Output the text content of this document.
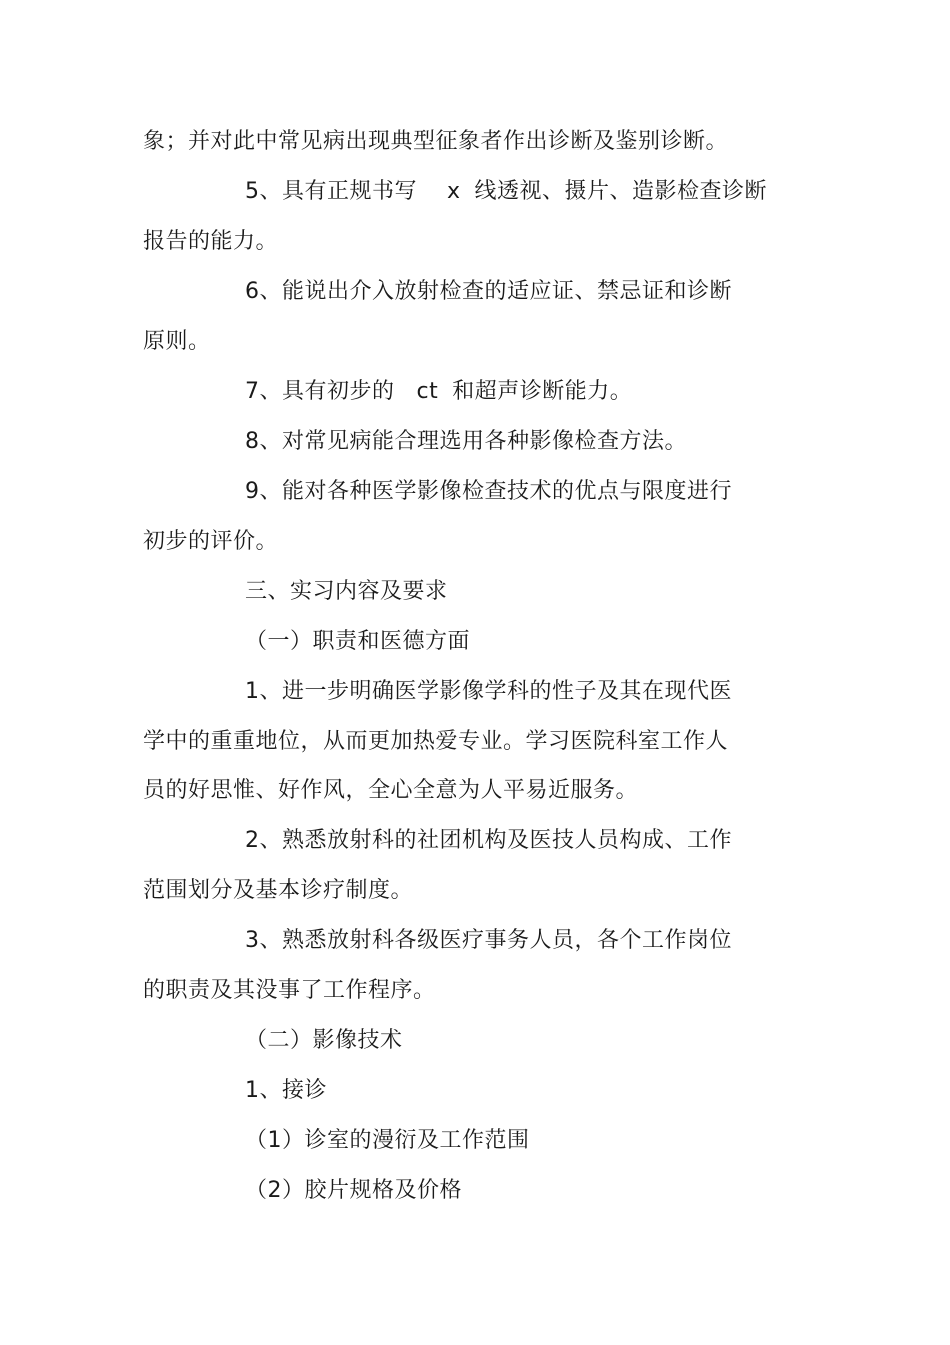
象；并对此中常见病出现典型征象者作出诊断及鉴别诊断。
5、具有正规书写 x 线透视、摄片、造影检查诊断
报告的能力。
6、能说出介入放射检查的适应证、禁忌证和诊断
原则。
7、具有初步的 ct 和超声诊断能力。
8、对常见病能合理选用各种影像检查方法。
9、能对各种医学影像检查技术的优点与限度进行
初步的评价。
三、实习内容及要求
（一）职责和医德方面
1、进一步明确医学影像学科的性子及其在现代医
学中的重重地位，从而更加热爱专业。学习医院科室工作人
员的好思惟、好作风，全心全意为人平易近服务。
2、熟悉放射科的社团机构及医技人员构成、工作
范围划分及基本诊疗制度。
3、熟悉放射科各级医疗事务人员，各个工作岗位
的职责及其没事了工作程序。
（二）影像技术
1、接诊
（1）诊室的漫衍及工作范围
（2）胶片规格及价格
